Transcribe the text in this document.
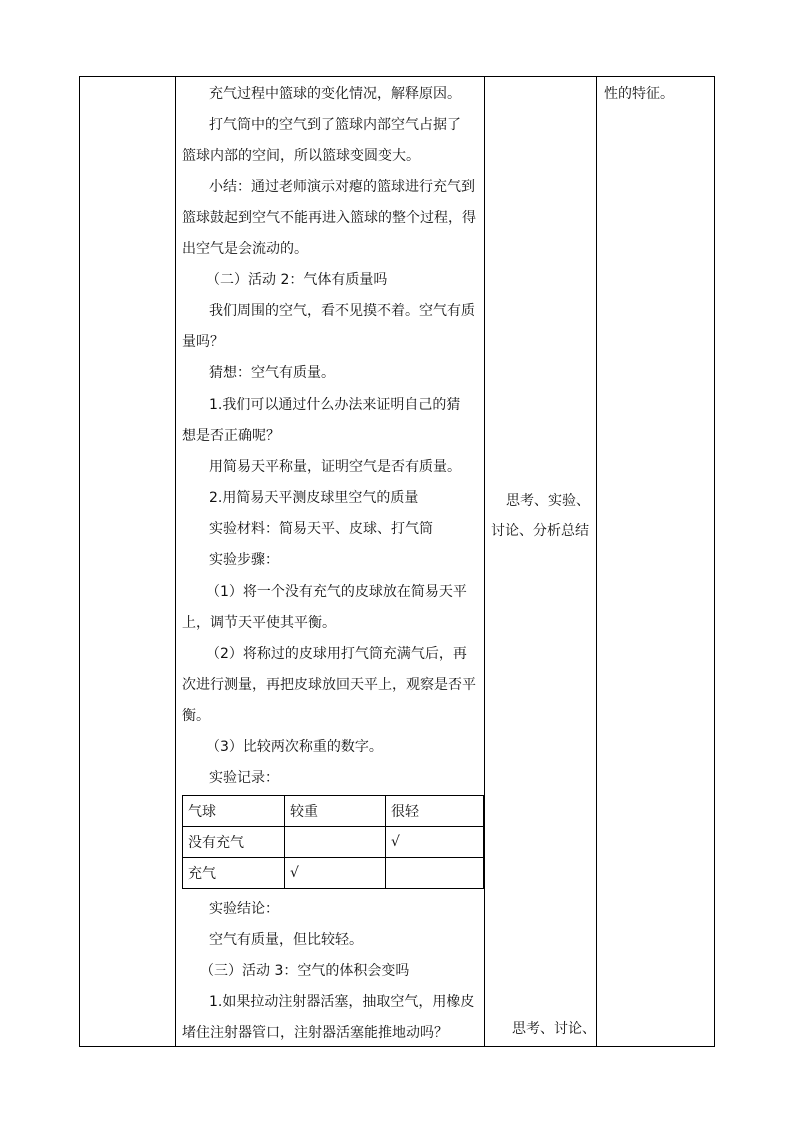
充气过程中篮球的变化情况，解释原因。
打气筒中的空气到了篮球内部空气占据了
篮球内部的空间，所以篮球变圆变大。
小结：通过老师演示对瘪的篮球进行充气到
篮球鼓起到空气不能再进入篮球的整个过程，得
出空气是会流动的。
（二）活动 2：气体有质量吗
我们周围的空气，看不见摸不着。空气有质
量吗？
猜想：空气有质量。
1.我们可以通过什么办法来证明自己的猜
想是否正确呢？
用简易天平称量，证明空气是否有质量。
2.用简易天平测皮球里空气的质量
实验材料：简易天平、皮球、打气筒
实验步骤：
（1）将一个没有充气的皮球放在简易天平
上，调节天平使其平衡。
（2）将称过的皮球用打气筒充满气后，再
次进行测量，再把皮球放回天平上，观察是否平
衡。
（3）比较两次称重的数字。
实验记录：
气球	较重	很轻
没有充气		√
充气	√	
实验结论：
空气有质量，但比较轻。
（三）活动 3：空气的体积会变吗
1.如果拉动注射器活塞，抽取空气，用橡皮
堵住注射器管口，注射器活塞能推地动吗？
思考、实验、
讨论、分析总结
思考、讨论、
性的特征。
